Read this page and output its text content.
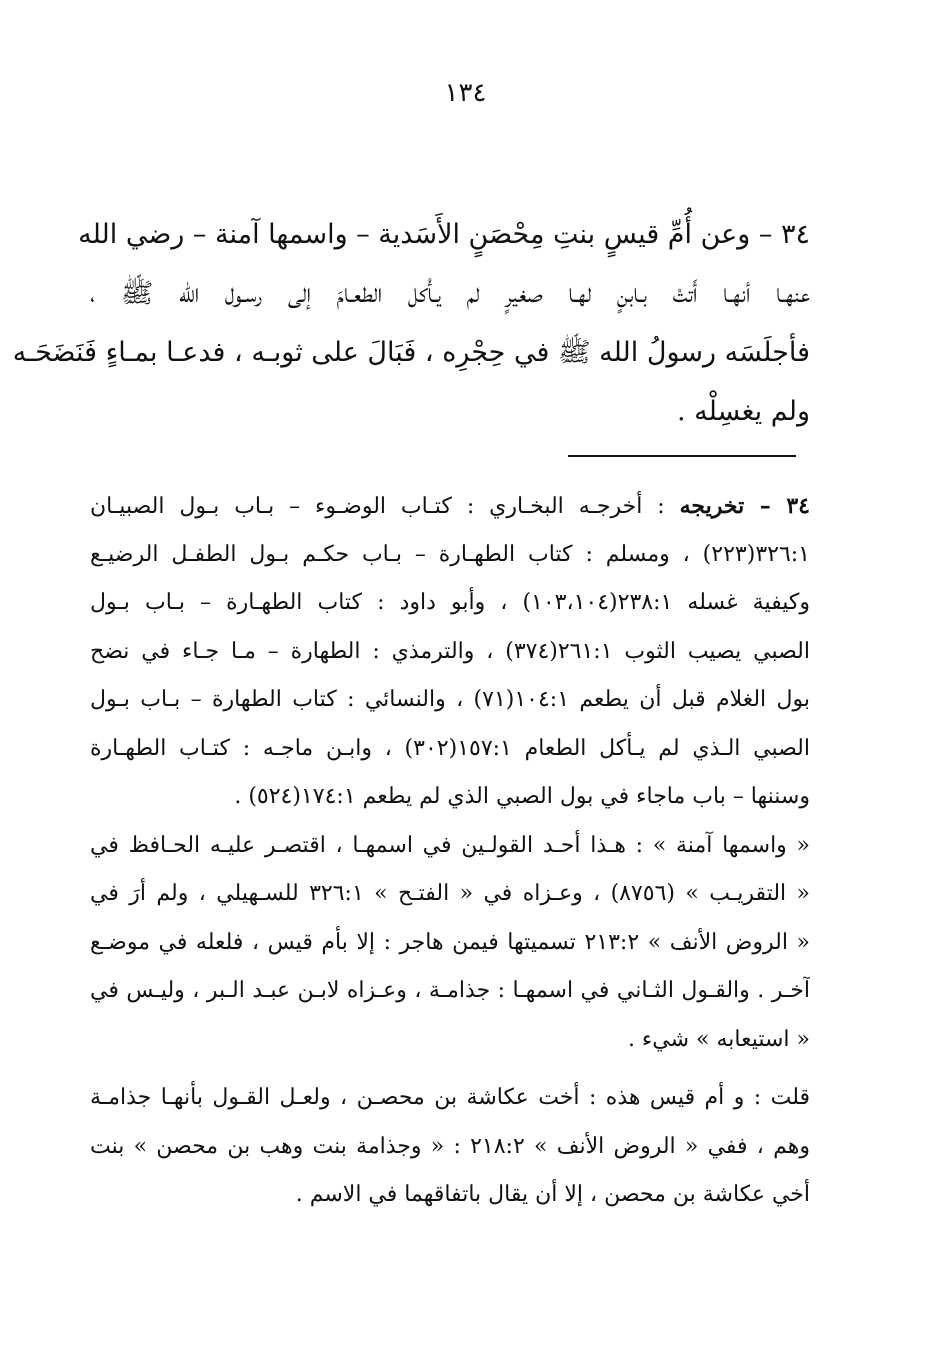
١٣٤
٣٤ – وعن أُمِّ قيسٍ بنتِ مِحْصَنٍ الأَسَدية – واسمها آمنة – رضي الله
عنهـا أنهـا أَتتْ بـابنٍ لهـا صغيرٍ لم يـأْكل الطعـامَ إلى رسـول الله ﷺ ،
فأجلَسَه رسولُ الله ﷺ في حِجْرِه ، فَبَالَ على ثوبـه ، فدعـا بمـاءٍ فَنَضَحَـه
ولم يغسِلْه .
٣٤ – تخريجه : أخرجـه البخـاري : كتـاب الوضـوء – بـاب بـول الصبيـان
٣٢٦:١(٢٢٣) ، ومسلم : كتاب الطهـارة – بـاب حكـم بـول الطفـل الرضيـع
وكيفية غسله ٢٣٨:١(١٠٣،١٠٤) ، وأبو داود : كتاب الطهـارة – بـاب بـول
الصبي يصيب الثوب ٢٦١:١(٣٧٤) ، والترمذي : الطهارة – مـا جـاء في نضح
بول الغلام قبل أن يطعم ١٠٤:١(٧١) ، والنسائي : كتاب الطهارة – بـاب بـول
الصبي الـذي لم يـأكل الطعام ١٥٧:١(٣٠٢) ، وابـن ماجـه : كتـاب الطهـارة
وسننها – باب ماجاء في بول الصبي الذي لم يطعم ١٧٤:١(٥٢٤) .
« واسمها آمنة » : هـذا أحـد القولـين في اسمهـا ، اقتصـر عليـه الحـافظ في
« التقريـب » (٨٧٥٦) ، وعـزاه في « الفتـح » ٣٢٦:١ للسـهيلي ، ولم أرَ في
« الروض الأنف » ٢١٣:٢ تسميتها فيمن هاجر : إلا بأم قيس ، فلعله في موضـع
آخـر . والقـول الثـاني في اسمهـا : جذامـة ، وعـزاه لابـن عبـد الـبر ، وليـس في
« استيعابه » شيء .
قلت : و أم قيس هذه : أخت عكاشة بن محصـن ، ولعـل القـول بأنهـا جذامـة
وهم ، ففي « الروض الأنف » ٢١٨:٢ : « وجذامة بنت وهب بن محصن » بنت
أخي عكاشة بن محصن ، إلا أن يقال باتفاقهما في الاسم .
